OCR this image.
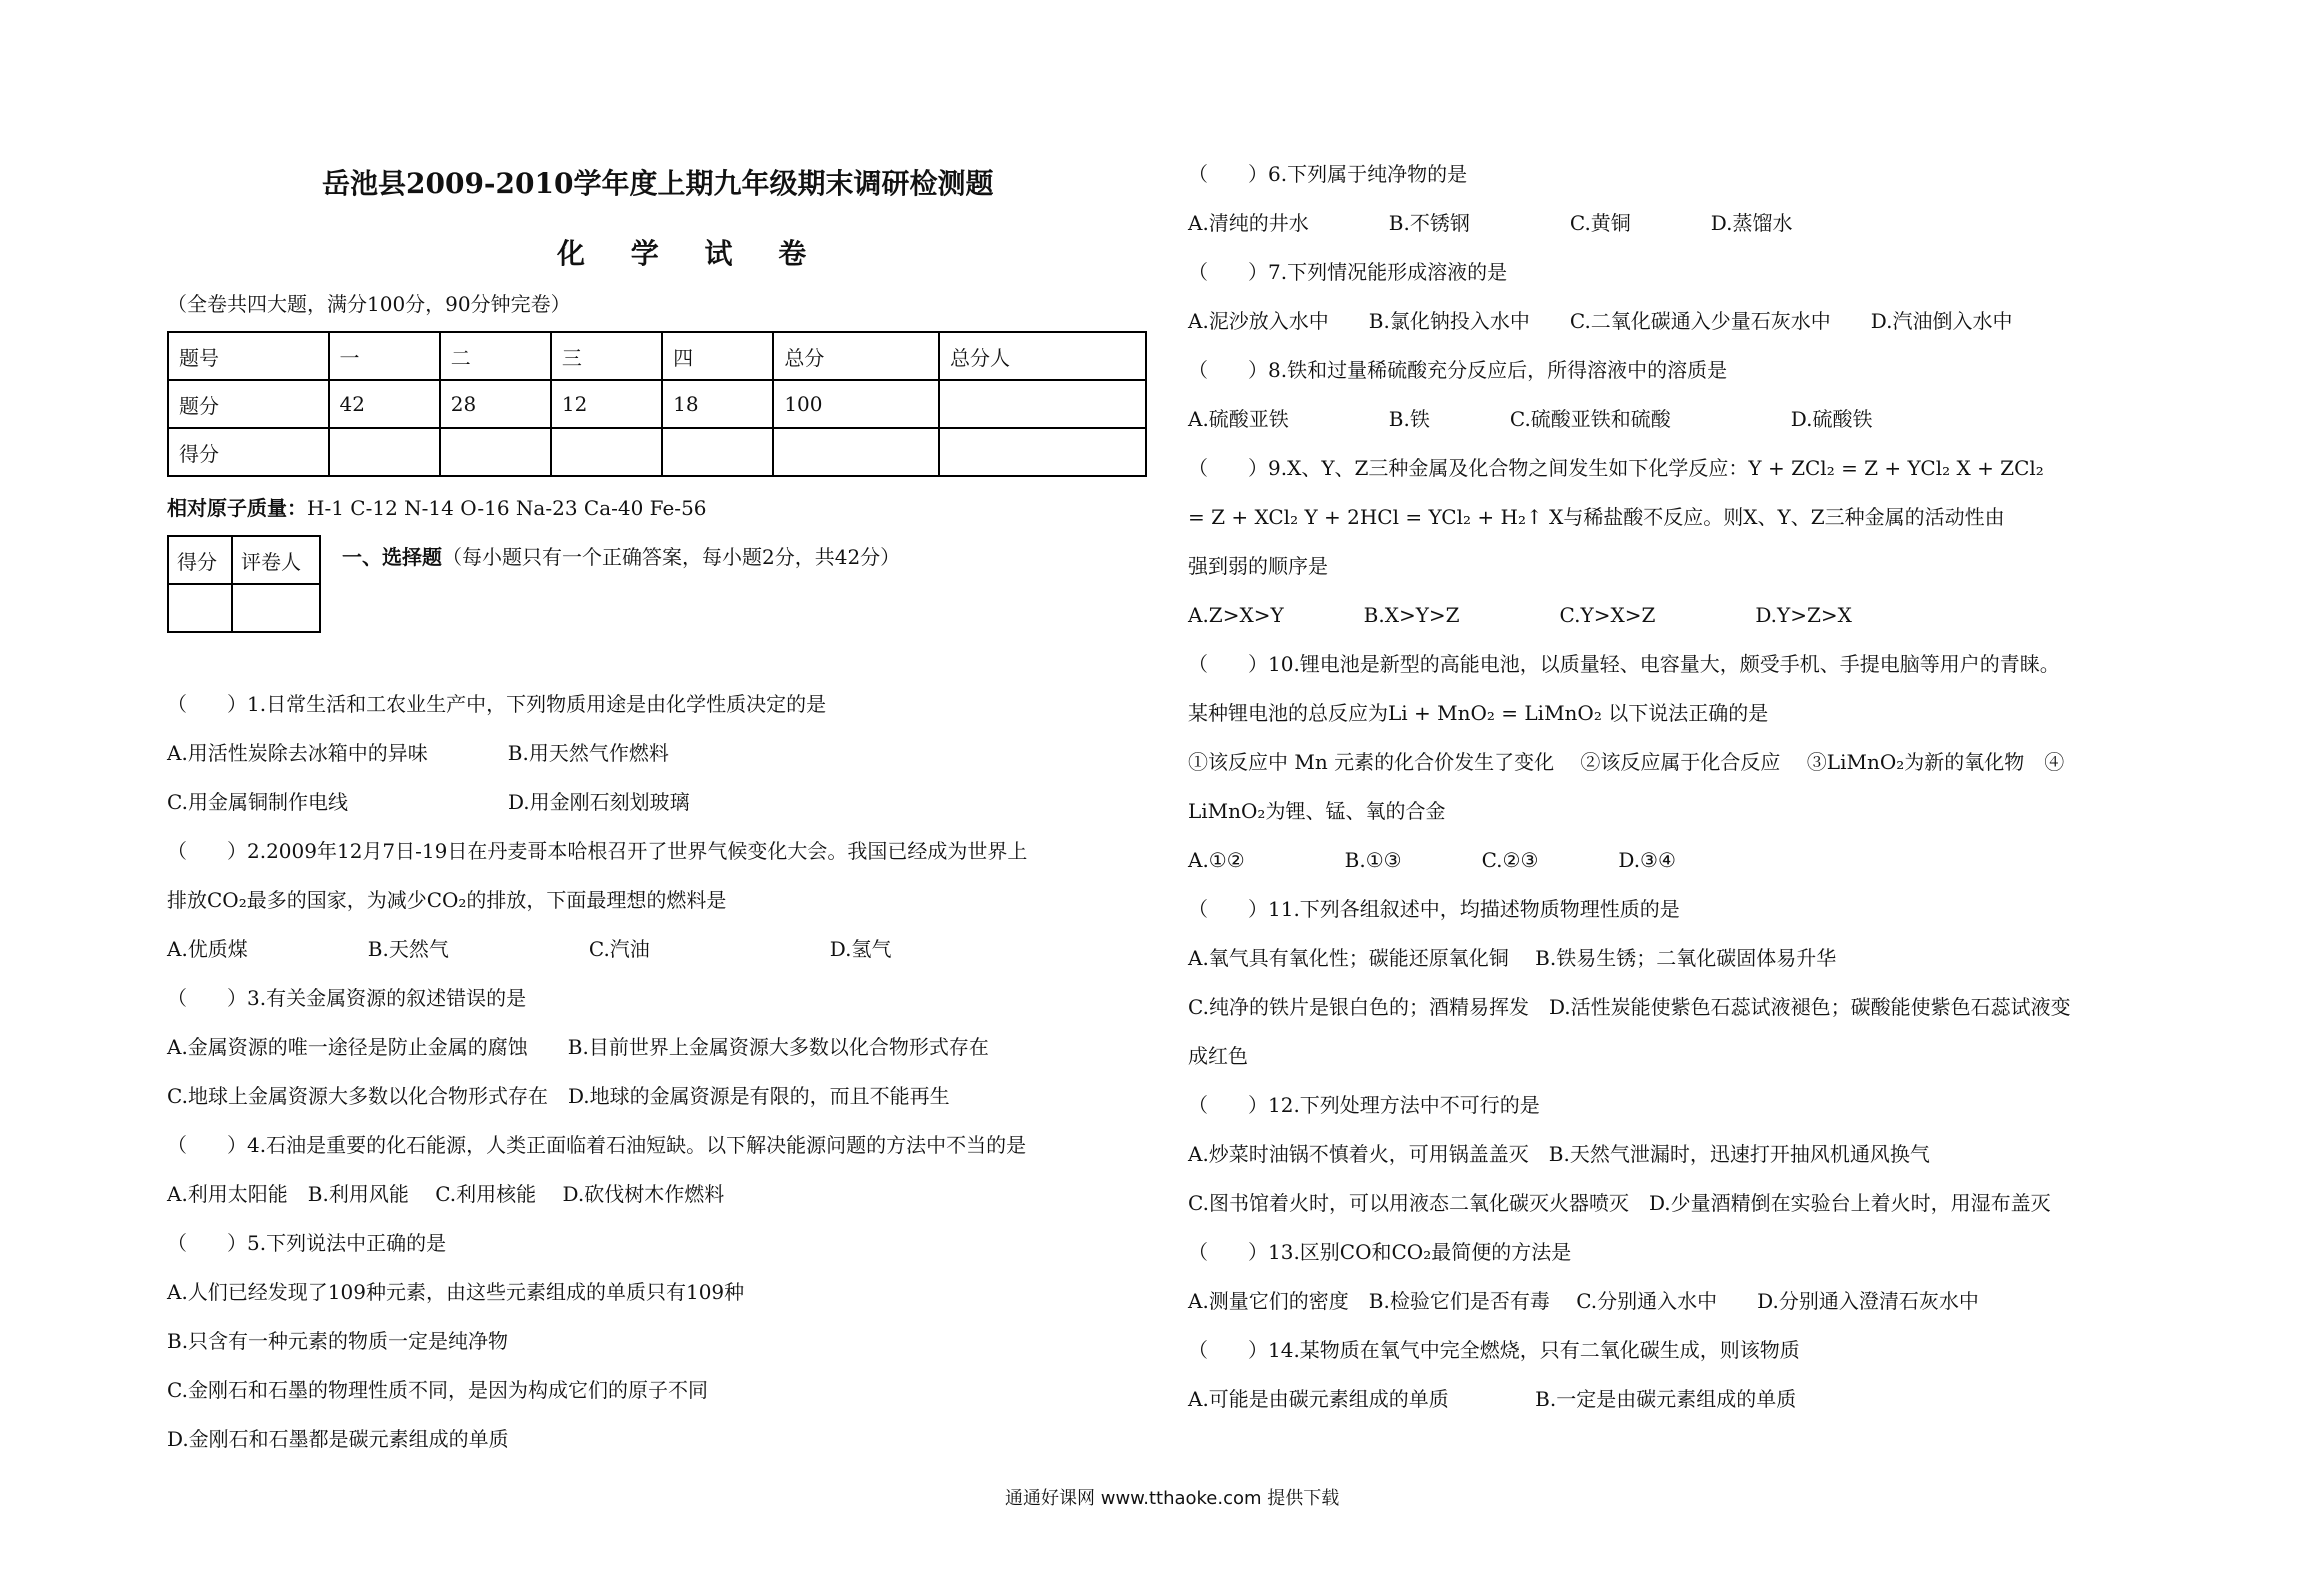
岳池县2009-2010学年度上期九年级期末调研检测题
化 学 试 卷
（全卷共四大题，满分100分，90分钟完卷）
题号	一	二	三	四	总分	总分人
题分	42	28	12	18	100	
得分						
相对原子质量：H-1 C-12 N-14 O-16 Na-23 Ca-40 Fe-56
得分	评卷人
	一、选择题（每小题只有一个正确答案，每小题2分，共42分）
（　　）1.日常生活和工农业生产中，下列物质用途是由化学性质决定的是
A.用活性炭除去冰箱中的异味　　　　B.用天然气作燃料
C.用金属铜制作电线　　　　　　　　D.用金刚石刻划玻璃
（　　）2.2009年12月7日-19日在丹麦哥本哈根召开了世界气候变化大会。我国已经成为世界上
排放CO₂最多的国家，为减少CO₂的排放，下面最理想的燃料是
A.优质煤　　　　　　B.天然气　　　　　　　C.汽油　　　　　　　　　D.氢气
（　　）3.有关金属资源的叙述错误的是
A.金属资源的唯一途径是防止金属的腐蚀　　B.目前世界上金属资源大多数以化合物形式存在
C.地球上金属资源大多数以化合物形式存在　D.地球的金属资源是有限的，而且不能再生
（　　）4.石油是重要的化石能源，人类正面临着石油短缺。以下解决能源问题的方法中不当的是
A.利用太阳能　B.利用风能　 C.利用核能　 D.砍伐树木作燃料
（　　）5.下列说法中正确的是
A.人们已经发现了109种元素，由这些元素组成的单质只有109种
B.只含有一种元素的物质一定是纯净物
C.金刚石和石墨的物理性质不同，是因为构成它们的原子不同
D.金刚石和石墨都是碳元素组成的单质
（　　）6.下列属于纯净物的是
A.清纯的井水　　　　B.不锈钢　　　　　C.黄铜　　　　D.蒸馏水
（　　）7.下列情况能形成溶液的是
A.泥沙放入水中　　B.氯化钠投入水中　　C.二氧化碳通入少量石灰水中　　D.汽油倒入水中
（　　）8.铁和过量稀硫酸充分反应后，所得溶液中的溶质是
A.硫酸亚铁　　　　　B.铁　　　　C.硫酸亚铁和硫酸　　　　　　D.硫酸铁
（　　）9.X、Y、Z三种金属及化合物之间发生如下化学反应：Y + ZCl₂ = Z + YCl₂ X + ZCl₂
= Z + XCl₂ Y + 2HCl = YCl₂ + H₂↑ X与稀盐酸不反应。则X、Y、Z三种金属的活动性由
强到弱的顺序是
A.Z>X>Y　　　　B.X>Y>Z　　　　　C.Y>X>Z　　　　　D.Y>Z>X
（　　）10.锂电池是新型的高能电池，以质量轻、电容量大，颇受手机、手提电脑等用户的青睐。
某种锂电池的总反应为Li + MnO₂ = LiMnO₂ 以下说法正确的是
①该反应中 Mn 元素的化合价发生了变化　 ②该反应属于化合反应　 ③LiMnO₂为新的氧化物　④
LiMnO₂为锂、锰、氧的合金
A.①②　　　　　B.①③　　　　C.②③　　　　D.③④
（　　）11.下列各组叙述中，均描述物质物理性质的是
A.氧气具有氧化性；碳能还原氧化铜　 B.铁易生锈；二氧化碳固体易升华
C.纯净的铁片是银白色的；酒精易挥发　D.活性炭能使紫色石蕊试液褪色；碳酸能使紫色石蕊试液变
成红色
（　　）12.下列处理方法中不可行的是
A.炒菜时油锅不慎着火，可用锅盖盖灭　B.天然气泄漏时，迅速打开抽风机通风换气
C.图书馆着火时，可以用液态二氧化碳灭火器喷灭　D.少量酒精倒在实验台上着火时，用湿布盖灭
（　　）13.区别CO和CO₂最简便的方法是
A.测量它们的密度　B.检验它们是否有毒　 C.分别通入水中　　D.分别通入澄清石灰水中
（　　）14.某物质在氧气中完全燃烧，只有二氧化碳生成，则该物质
A.可能是由碳元素组成的单质　　　　 B.一定是由碳元素组成的单质
通通好课网 www.tthaoke.com 提供下载
